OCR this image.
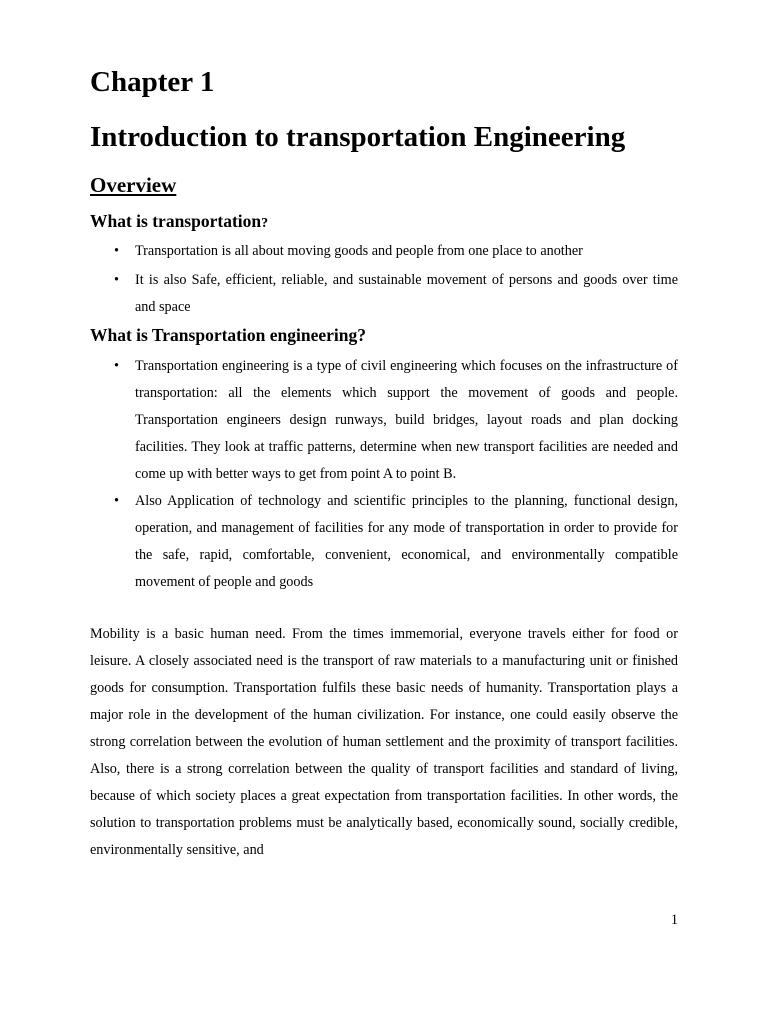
Chapter 1
Introduction to transportation Engineering
Overview
What is transportation?
• Transportation is all about moving goods and people from one place to another
• It is also Safe, efficient, reliable, and sustainable movement of persons and goods over time and space
What is Transportation engineering?
• Transportation engineering is a type of civil engineering which focuses on the infrastructure of transportation: all the elements which support the movement of goods and people. Transportation engineers design runways, build bridges, layout roads and plan docking facilities. They look at traffic patterns, determine when new transport facilities are needed and come up with better ways to get from point A to point B.
• Also Application of technology and scientific principles to the planning, functional design, operation, and management of facilities for any mode of transportation in order to provide for the safe, rapid, comfortable, convenient, economical, and environmentally compatible movement of people and goods

Mobility is a basic human need. From the times immemorial, everyone travels either for food or leisure. A closely associated need is the transport of raw materials to a manufacturing unit or finished goods for consumption. Transportation fulfils these basic needs of humanity. Transportation plays a major role in the development of the human civilization. For instance, one could easily observe the strong correlation between the evolution of human settlement and the proximity of transport facilities. Also, there is a strong correlation between the quality of transport facilities and standard of living, because of which society places a great expectation from transportation facilities. In other words, the solution to transportation problems must be analytically based, economically sound, socially credible, environmentally sensitive, and

1
